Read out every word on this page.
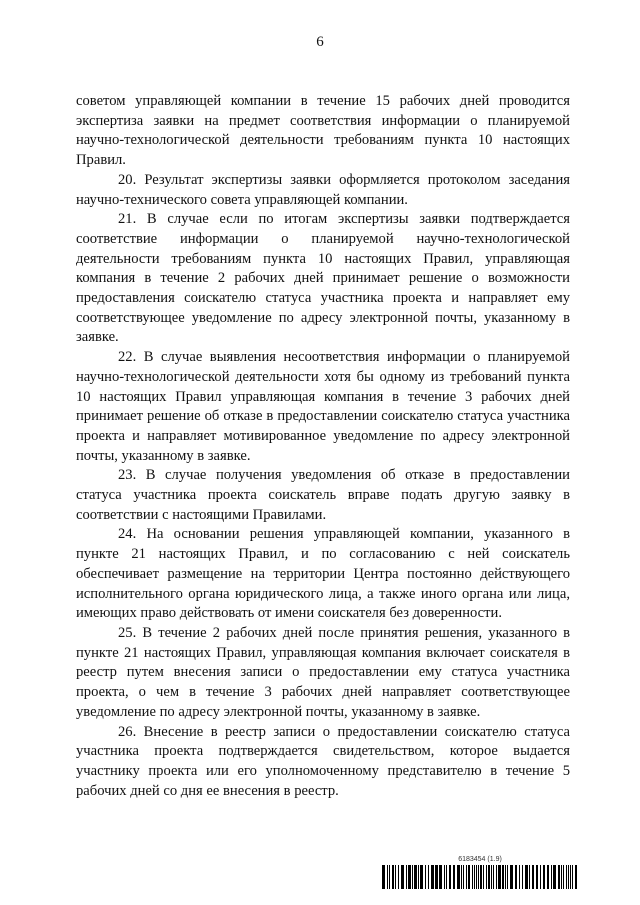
6

советом управляющей компании в течение 15 рабочих дней проводится экспертиза заявки на предмет соответствия информации о планируемой научно-технологической деятельности требованиям пункта 10 настоящих Правил.

20. Результат экспертизы заявки оформляется протоколом заседания научно-технического совета управляющей компании.

21. В случае если по итогам экспертизы заявки подтверждается соответствие информации о планируемой научно-технологической деятельности требованиям пункта 10 настоящих Правил, управляющая компания в течение 2 рабочих дней принимает решение о возможности предоставления соискателю статуса участника проекта и направляет ему соответствующее уведомление по адресу электронной почты, указанному в заявке.

22. В случае выявления несоответствия информации о планируемой научно-технологической деятельности хотя бы одному из требований пункта 10 настоящих Правил управляющая компания в течение 3 рабочих дней принимает решение об отказе в предоставлении соискателю статуса участника проекта и направляет мотивированное уведомление по адресу электронной почты, указанному в заявке.

23. В случае получения уведомления об отказе в предоставлении статуса участника проекта соискатель вправе подать другую заявку в соответствии с настоящими Правилами.

24. На основании решения управляющей компании, указанного в пункте 21 настоящих Правил, и по согласованию с ней соискатель обеспечивает размещение на территории Центра постоянно действующего исполнительного органа юридического лица, а также иного органа или лица, имеющих право действовать от имени соискателя без доверенности.

25. В течение 2 рабочих дней после принятия решения, указанного в пункте 21 настоящих Правил, управляющая компания включает соискателя в реестр путем внесения записи о предоставлении ему статуса участника проекта, о чем в течение 3 рабочих дней направляет соответствующее уведомление по адресу электронной почты, указанному в заявке.

26. Внесение в реестр записи о предоставлении соискателю статуса участника проекта подтверждается свидетельством, которое выдается участнику проекта или его уполномоченному представителю в течение 5 рабочих дней со дня ее внесения в реестр.

6183454 (1.9)
